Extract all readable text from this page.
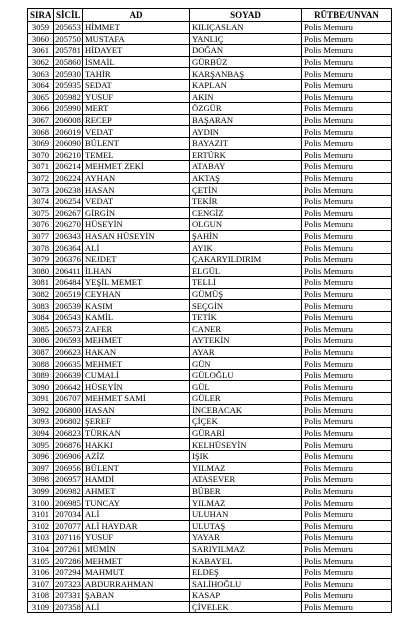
SIRA	SİCİL	AD	SOYAD	RÜTBE/UNVAN
3059	205653	HİMMET	KILIÇASLAN	Polis Memuru
3060	205750	MUSTAFA	YANLIÇ	Polis Memuru
3061	205781	HİDAYET	DOĞAN	Polis Memuru
3062	205860	İSMAİL	GÜRBÜZ	Polis Memuru
3063	205930	TAHİR	KARŞANBAŞ	Polis Memuru
3064	205935	SEDAT	KAPLAN	Polis Memuru
3065	205982	YUSUF	AKIN	Polis Memuru
3066	205990	MERT	ÖZGÜR	Polis Memuru
3067	206008	RECEP	BAŞARAN	Polis Memuru
3068	206019	VEDAT	AYDIN	Polis Memuru
3069	206090	BÜLENT	BAYAZIT	Polis Memuru
3070	206210	TEMEL	ERTÜRK	Polis Memuru
3071	206214	MEHMET ZEKİ	ATABAY	Polis Memuru
3072	206224	AYHAN	AKTAŞ	Polis Memuru
3073	206238	HASAN	ÇETİN	Polis Memuru
3074	206254	VEDAT	TEKİR	Polis Memuru
3075	206267	GİRGİN	CENGİZ	Polis Memuru
3076	206270	HÜSEYİN	OLGUN	Polis Memuru
3077	206343	HASAN HÜSEYİN	ŞAHİN	Polis Memuru
3078	206364	ALİ	AYIK	Polis Memuru
3079	206376	NEJDET	ÇAKARYILDIRIM	Polis Memuru
3080	206411	İLHAN	ELGÜL	Polis Memuru
3081	206484	YEŞİL MEMET	TELLİ	Polis Memuru
3082	206519	CEYHAN	GÜMÜŞ	Polis Memuru
3083	206539	KASIM	SEÇGİN	Polis Memuru
3084	206543	KAMİL	TETİK	Polis Memuru
3085	206573	ZAFER	CANER	Polis Memuru
3086	206593	MEHMET	AYTEKİN	Polis Memuru
3087	206623	HAKAN	AYAR	Polis Memuru
3088	206635	MEHMET	GÜN	Polis Memuru
3089	206639	CUMALİ	GÜLOĞLU	Polis Memuru
3090	206642	HÜSEYİN	GÜL	Polis Memuru
3091	206707	MEHMET SAMİ	GÜLER	Polis Memuru
3092	206800	HASAN	İNCEBACAK	Polis Memuru
3093	206802	ŞEREF	ÇİÇEK	Polis Memuru
3094	206823	TÜRKAN	GÜRARİ	Polis Memuru
3095	206876	HAKKI	KELHÜSEYİN	Polis Memuru
3096	206906	AZİZ	IŞIK	Polis Memuru
3097	206956	BÜLENT	YILMAZ	Polis Memuru
3098	206957	HAMDİ	ATASEVER	Polis Memuru
3099	206982	AHMET	BÜBER	Polis Memuru
3100	206985	TUNCAY	YILMAZ	Polis Memuru
3101	207034	ALİ	ULUHAN	Polis Memuru
3102	207077	ALİ HAYDAR	ULUTAŞ	Polis Memuru
3103	207116	YUSUF	YAYAR	Polis Memuru
3104	207261	MÜMİN	SARIYILMAZ	Polis Memuru
3105	207286	MEHMET	KABAYEL	Polis Memuru
3106	207294	MAHMUT	ELDEŞ	Polis Memuru
3107	207323	ABDURRAHMAN	SALİHOĞLU	Polis Memuru
3108	207331	ŞABAN	KASAP	Polis Memuru
3109	207358	ALİ	ÇİVELEK	Polis Memuru
